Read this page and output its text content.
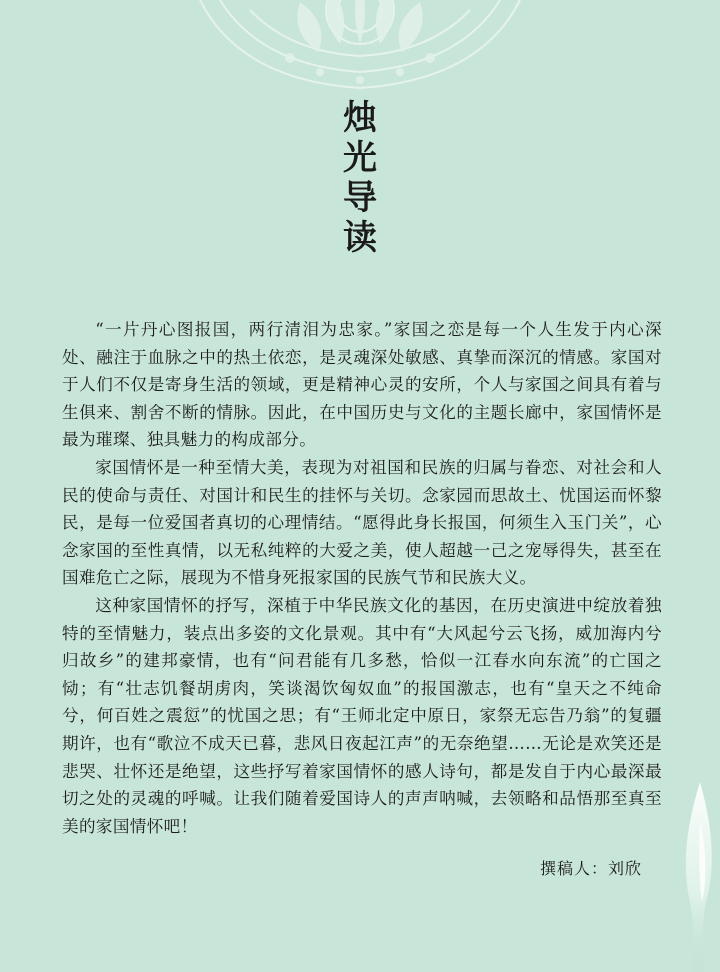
烛
光
导
读

“一片丹心图报国，两行清泪为忠家。”家国之恋是每一个人生发于内心深处、融注于血脉之中的热土依恋，是灵魂深处敏感、真挚而深沉的情感。家国对于人们不仅是寄身生活的领域，更是精神心灵的安所，个人与家国之间具有着与生俱来、割舍不断的情脉。因此，在中国历史与文化的主题长廊中，家国情怀是最为璀璨、独具魅力的构成部分。

家国情怀是一种至情大美，表现为对祖国和民族的归属与眷恋、对社会和人民的使命与责任、对国计和民生的挂怀与关切。念家园而思故土、忧国运而怀黎民，是每一位爱国者真切的心理情结。“愿得此身长报国，何须生入玉门关”，心念家国的至性真情，以无私纯粹的大爱之美，使人超越一己之宠辱得失，甚至在国难危亡之际，展现为不惜身死报家国的民族气节和民族大义。

这种家国情怀的抒写，深植于中华民族文化的基因，在历史演进中绽放着独特的至情魅力，装点出多姿的文化景观。其中有“大风起兮云飞扬，威加海内兮归故乡”的建邦豪情，也有“问君能有几多愁，恰似一江春水向东流”的亡国之恸；有“壮志饥餐胡虏肉，笑谈渴饮匈奴血”的报国激志，也有“皇天之不纯命兮，何百姓之震愆”的忧国之思；有“王师北定中原日，家祭无忘告乃翁”的复疆期许，也有“歌泣不成天已暮，悲风日夜起江声”的无奈绝望……无论是欢笑还是悲哭、壮怀还是绝望，这些抒写着家国情怀的感人诗句，都是发自于内心最深最切之处的灵魂的呼喊。让我们随着爱国诗人的声声呐喊，去领略和品悟那至真至美的家国情怀吧！

撰稿人：刘欣
